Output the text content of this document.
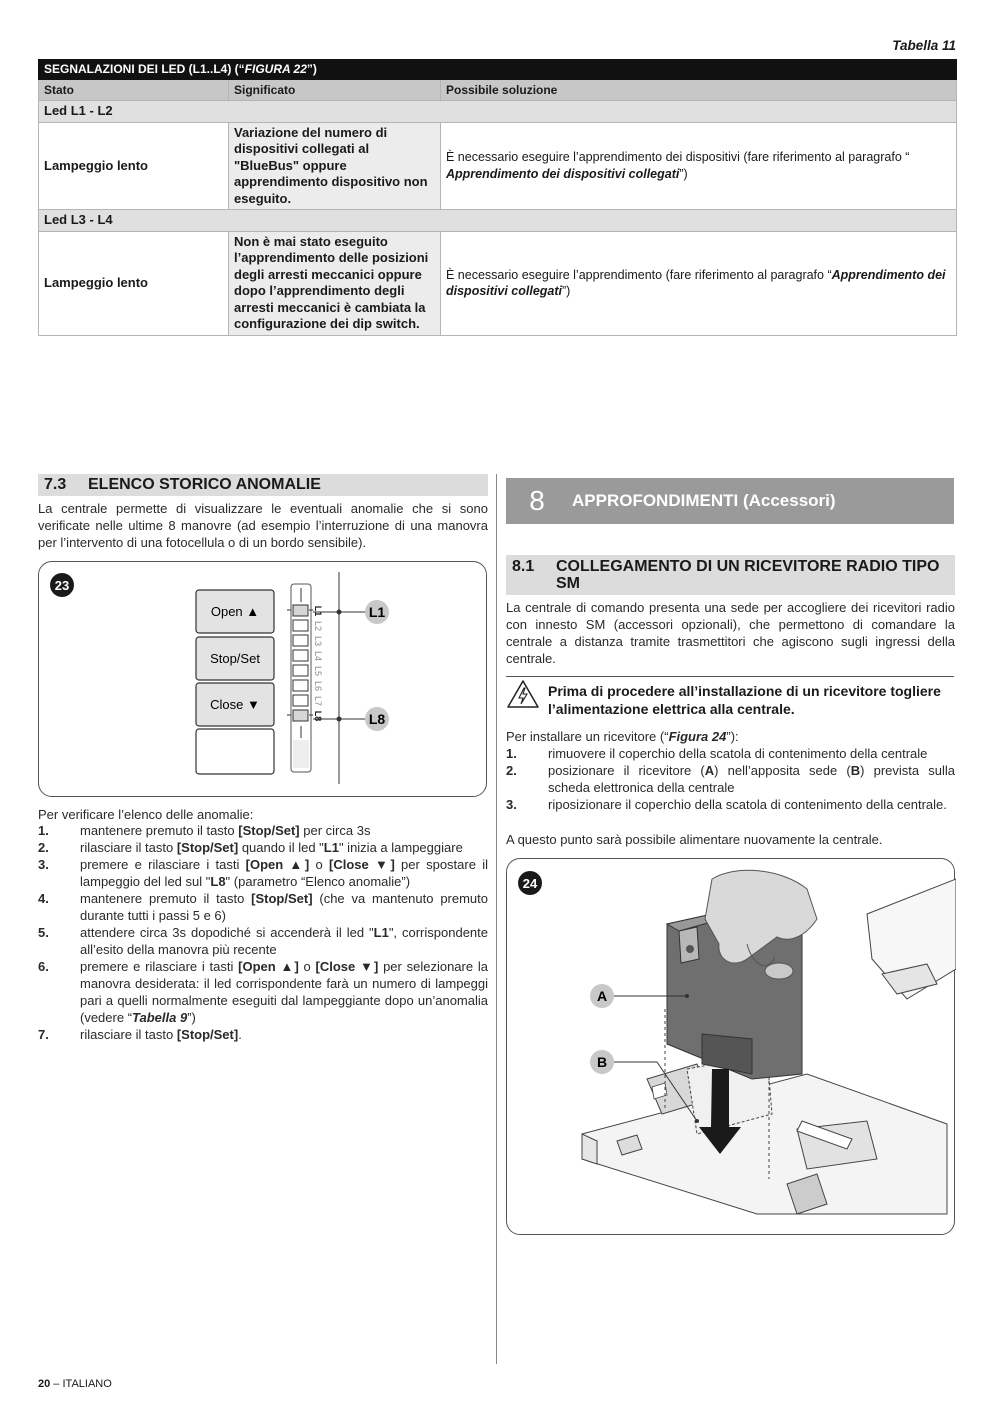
Tabella 11
SEGNALAZIONI DEI LED (L1..L4) (“FIGURA 22”)		
Stato	Significato	Possibile soluzione
Led L1 - L2		
Lampeggio lento	Variazione del numero di dispositivi collegati al "BlueBus" oppure apprendimento dispositivo non eseguito.	È necessario eseguire l’apprendimento dei dispositivi (fare riferimento al paragrafo “ Apprendimento dei dispositivi collegati”)
Led L3 - L4		
Lampeggio lento	Non è mai stato eseguito l’apprendimento delle posizioni degli arresti meccanici oppure dopo l’apprendimento degli arresti meccanici è cambiata la configurazione dei dip switch.	È necessario eseguire l’apprendimento (fare riferimento al paragrafo “Apprendimento dei dispositivi collegati”)
7.3 ELENCO STORICO ANOMALIE
La centrale permette di visualizzare le eventuali anomalie che si sono verificate nelle ultime 8 manovre (ad esempio l’interruzione di una manovra per l’intervento di una fotocellula o di un bordo sensibile).
23
Open ▲
Stop/Set
Close ▼
L1
L2
L3
L4
L5
L6
L7
L8
L1
L8
Per verificare l’elenco delle anomalie:
1. mantenere premuto il tasto [Stop/Set] per circa 3s
2. rilasciare il tasto [Stop/Set] quando il led "L1" inizia a lampeggiare
3. premere e rilasciare i tasti [Open ▲] o [Close ▼] per spostare il lampeggio del led sul "L8" (parametro “Elenco anomalie”)
4. mantenere premuto il tasto [Stop/Set] (che va mantenuto premuto durante tutti i passi 5 e 6)
5. attendere circa 3s dopodiché si accenderà il led "L1", corrispondente all’esito della manovra più recente
6. premere e rilasciare i tasti [Open ▲] o [Close ▼] per selezionare la manovra desiderata: il led corrispondente farà un numero di lampeggi pari a quelli normalmente eseguiti dal lampeggiante dopo un’anomalia (vedere “Tabella 9”)
7. rilasciare il tasto [Stop/Set].
8	APPROFONDIMENTI (Accessori)
8.1	COLLEGAMENTO DI UN RICEVITORE RADIO TIPO
SM
La centrale di comando presenta una sede per accogliere dei ricevitori radio con innesto SM (accessori opzionali), che permettono di comandare la centrale a distanza tramite trasmettitori che agiscono sugli ingressi della centrale.
Prima di procedere all’installazione di un ricevitore togliere l’alimentazione elettrica alla centrale.
Per installare un ricevitore (“Figura 24”):
1. rimuovere il coperchio della scatola di contenimento della centrale
2. posizionare il ricevitore (A) nell’apposita sede (B) prevista sulla scheda elettronica della centrale
3. riposizionare il coperchio della scatola di contenimento della centrale.
A questo punto sarà possibile alimentare nuovamente la centrale.
24
A
B
20 – ITALIANO
